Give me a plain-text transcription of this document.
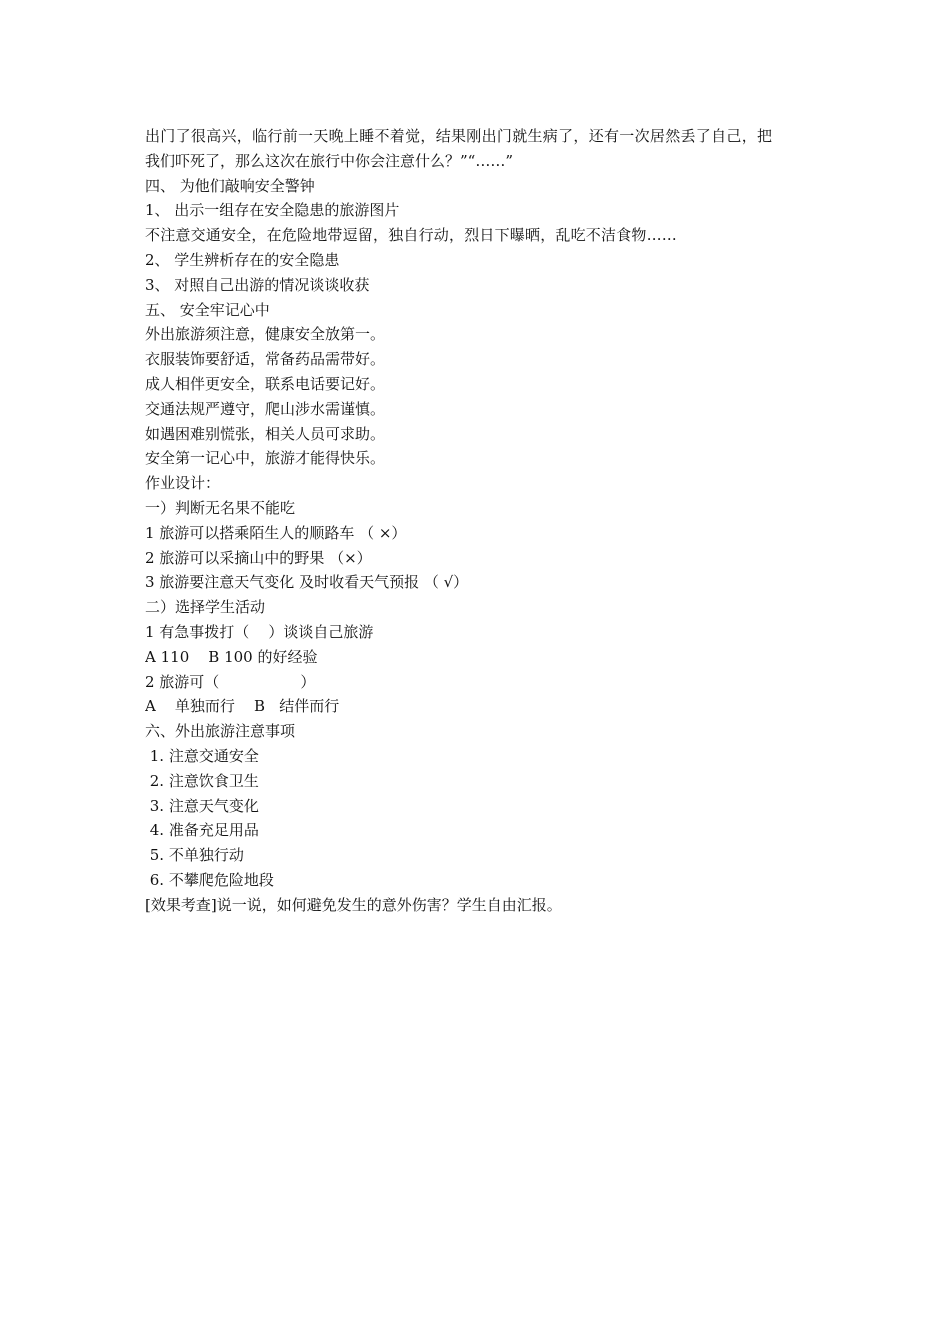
出门了很高兴，临行前一天晚上睡不着觉，结果刚出门就生病了，还有一次居然丢了自己，把
我们吓死了，那么这次在旅行中你会注意什么？”“……”
四、 为他们敲响安全警钟
1、 出示一组存在安全隐患的旅游图片
不注意交通安全，在危险地带逗留，独自行动，烈日下曝晒，乱吃不洁食物……
2、 学生辨析存在的安全隐患
3、 对照自己出游的情况谈谈收获
五、 安全牢记心中
外出旅游须注意，健康安全放第一。
衣服装饰要舒适，常备药品需带好。
成人相伴更安全，联系电话要记好。
交通法规严遵守，爬山涉水需谨慎。
如遇困难别慌张，相关人员可求助。
安全第一记心中，旅游才能得快乐。
作业设计：
一）判断无名果不能吃
1 旅游可以搭乘陌生人的顺路车 （ ×）
2 旅游可以采摘山中的野果 （×）
3 旅游要注意天气变化 及时收看天气预报 （ √）
二）选择学生活动
1 有急事拨打（    ）谈谈自己旅游
A 110    B 100 的好经验
2 旅游可（                 ）
A    单独而行    B   结伴而行
六、外出旅游注意事项
1. 注意交通安全
2. 注意饮食卫生
3. 注意天气变化
4. 准备充足用品
5. 不单独行动
6. 不攀爬危险地段
[效果考查]说一说，如何避免发生的意外伤害？学生自由汇报。
